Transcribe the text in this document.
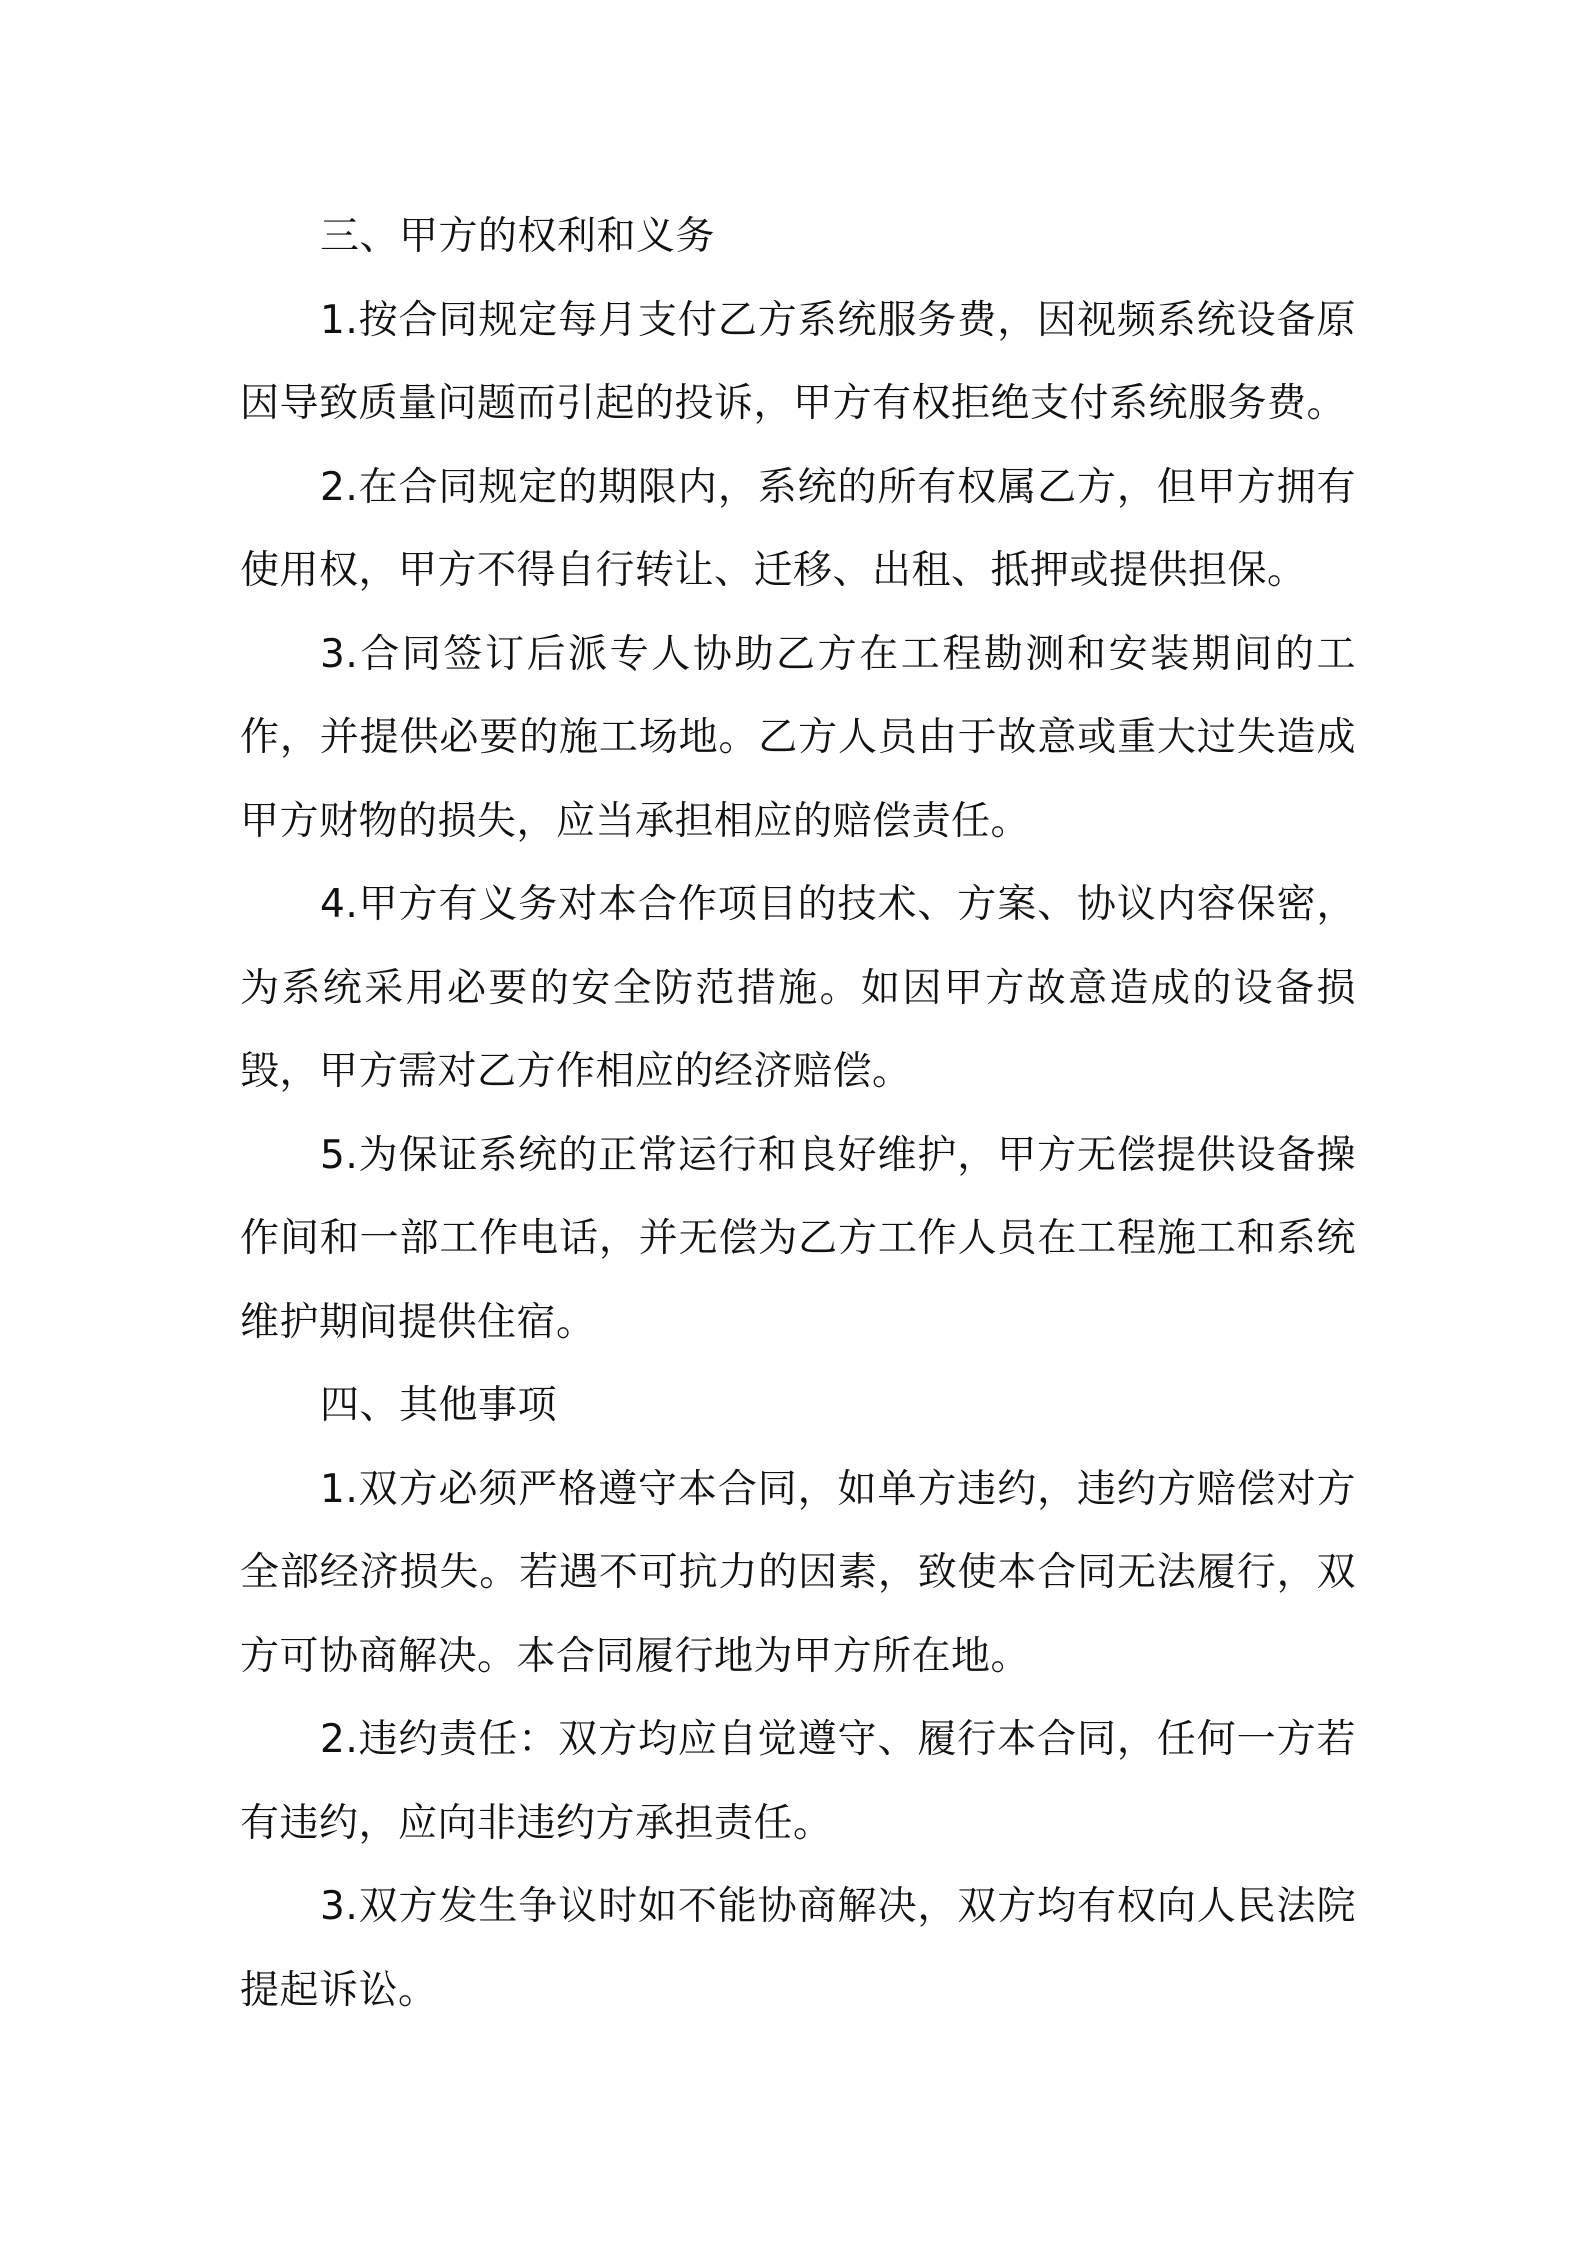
三、甲方的权利和义务

1.按合同规定每月支付乙方系统服务费，因视频系统设备原因导致质量问题而引起的投诉，甲方有权拒绝支付系统服务费。

2.在合同规定的期限内，系统的所有权属乙方，但甲方拥有使用权，甲方不得自行转让、迁移、出租、抵押或提供担保。

3.合同签订后派专人协助乙方在工程勘测和安装期间的工作，并提供必要的施工场地。乙方人员由于故意或重大过失造成甲方财物的损失，应当承担相应的赔偿责任。

4.甲方有义务对本合作项目的技术、方案、协议内容保密，为系统采用必要的安全防范措施。如因甲方故意造成的设备损毁，甲方需对乙方作相应的经济赔偿。

5.为保证系统的正常运行和良好维护，甲方无偿提供设备操作间和一部工作电话，并无偿为乙方工作人员在工程施工和系统维护期间提供住宿。

四、其他事项

1.双方必须严格遵守本合同，如单方违约，违约方赔偿对方全部经济损失。若遇不可抗力的因素，致使本合同无法履行，双方可协商解决。本合同履行地为甲方所在地。

2.违约责任：双方均应自觉遵守、履行本合同，任何一方若有违约，应向非违约方承担责任。

3.双方发生争议时如不能协商解决，双方均有权向人民法院提起诉讼。
